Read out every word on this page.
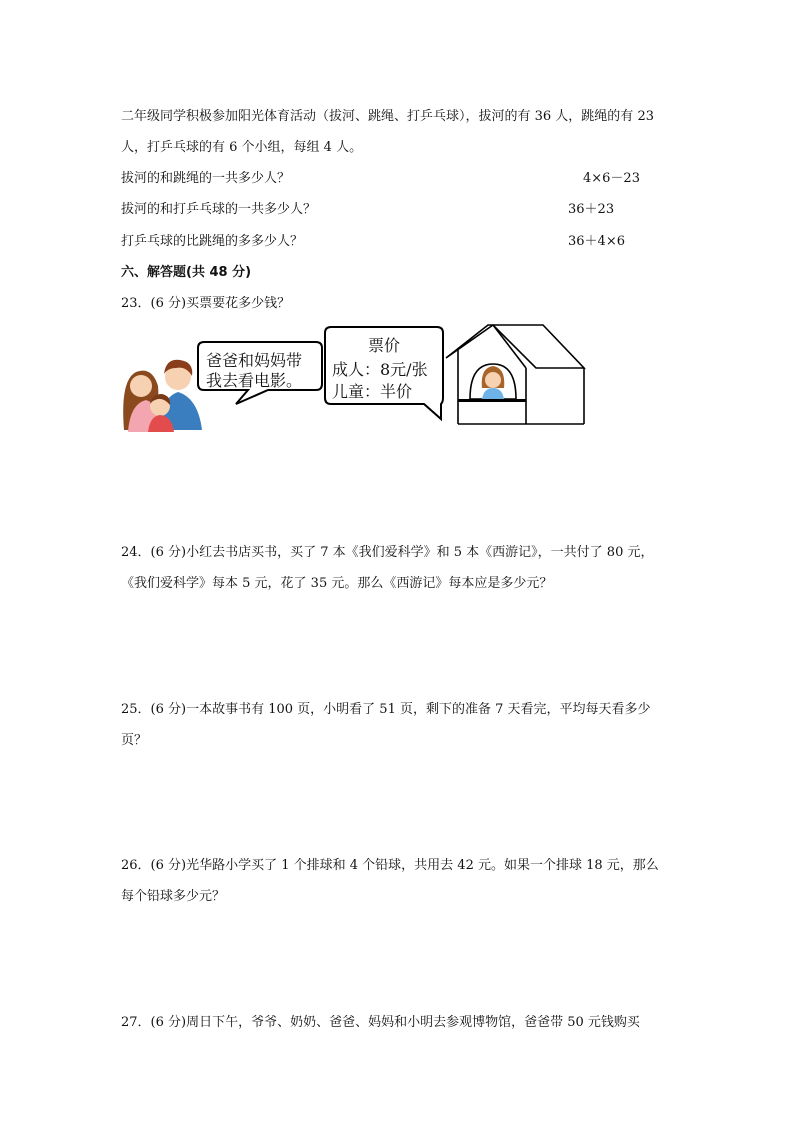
二年级同学积极参加阳光体育活动（拔河、跳绳、打乒乓球），拔河的有 36 人，跳绳的有 23
人，打乒乓球的有 6 个小组，每组 4 人。
拔河的和跳绳的一共多少人？	4×6－23
拔河的和打乒乓球的一共多少人？	36＋23
打乒乓球的比跳绳的多多少人？	36＋4×6
六、解答题(共 48 分)
23．(6 分)买票要花多少钱？
爸爸和妈妈带
我去看电影。
票价
成人：8元/张
儿童：半价
24．(6 分)小红去书店买书，买了 7 本《我们爱科学》和 5 本《西游记》，一共付了 80 元，
《我们爱科学》每本 5 元，花了 35 元。那么《西游记》每本应是多少元？
25．(6 分)一本故事书有 100 页，小明看了 51 页，剩下的准备 7 天看完，平均每天看多少
页？
26．(6 分)光华路小学买了 1 个排球和 4 个铅球，共用去 42 元。如果一个排球 18 元，那么
每个铅球多少元？
27．(6 分)周日下午，爷爷、奶奶、爸爸、妈妈和小明去参观博物馆，爸爸带 50 元钱购买
